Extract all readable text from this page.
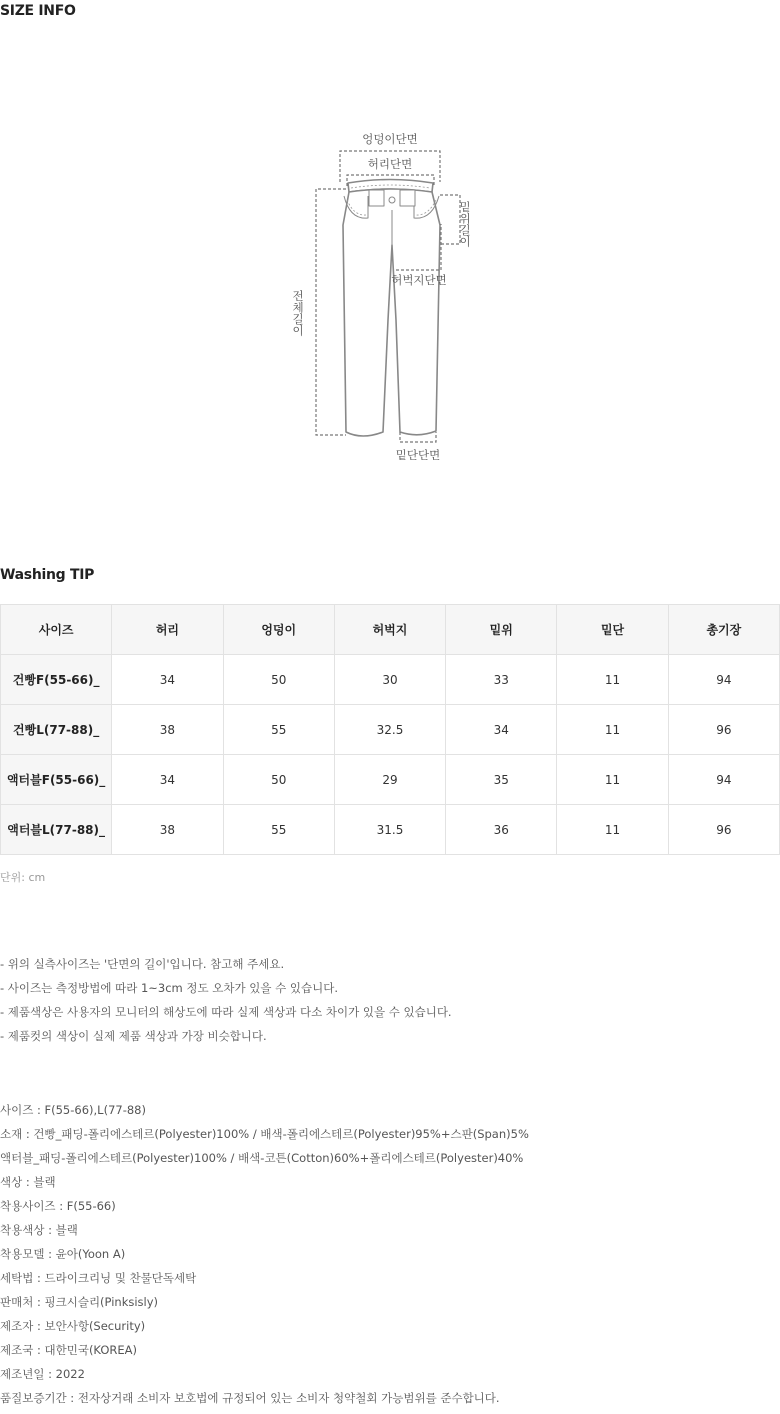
SIZE INFO
엉덩이단면
허리단면
밑위길이
허벅지단면
전체길이
밑단단면
Washing TIP
사이즈	허리	엉덩이	허벅지	밑위	밑단	총기장
건빵F(55-66)_	34	50	30	33	11	94
건빵L(77-88)_	38	55	32.5	34	11	96
액터블F(55-66)_	34	50	29	35	11	94
액터블L(77-88)_	38	55	31.5	36	11	96
단위: cm
- 위의 실측사이즈는 '단면의 길이'입니다. 참고해 주세요.
- 사이즈는 측정방법에 따라 1~3cm 정도 오차가 있을 수 있습니다.
- 제품색상은 사용자의 모니터의 해상도에 따라 실제 색상과 다소 차이가 있을 수 있습니다.
- 제품컷의 색상이 실제 제품 색상과 가장 비슷합니다.
사이즈 : F(55-66),L(77-88)
소재 : 건빵_패딩-폴리에스테르(Polyester)100% / 배색-폴리에스테르(Polyester)95%+스판(Span)5%
액터블_패딩-폴리에스테르(Polyester)100% / 배색-코튼(Cotton)60%+폴리에스테르(Polyester)40%
색상 : 블랙
착용사이즈 : F(55-66)
착용색상 : 블랙
착용모델 : 윤아(Yoon A)
세탁법 : 드라이크리닝 및 찬물단독세탁
판매처 : 핑크시슬리(Pinksisly)
제조자 : 보안사항(Security)
제조국 : 대한민국(KOREA)
제조년일 : 2022
품질보증기간 : 전자상거래 소비자 보호법에 규정되어 있는 소비자 청약철회 가능범위를 준수합니다.
